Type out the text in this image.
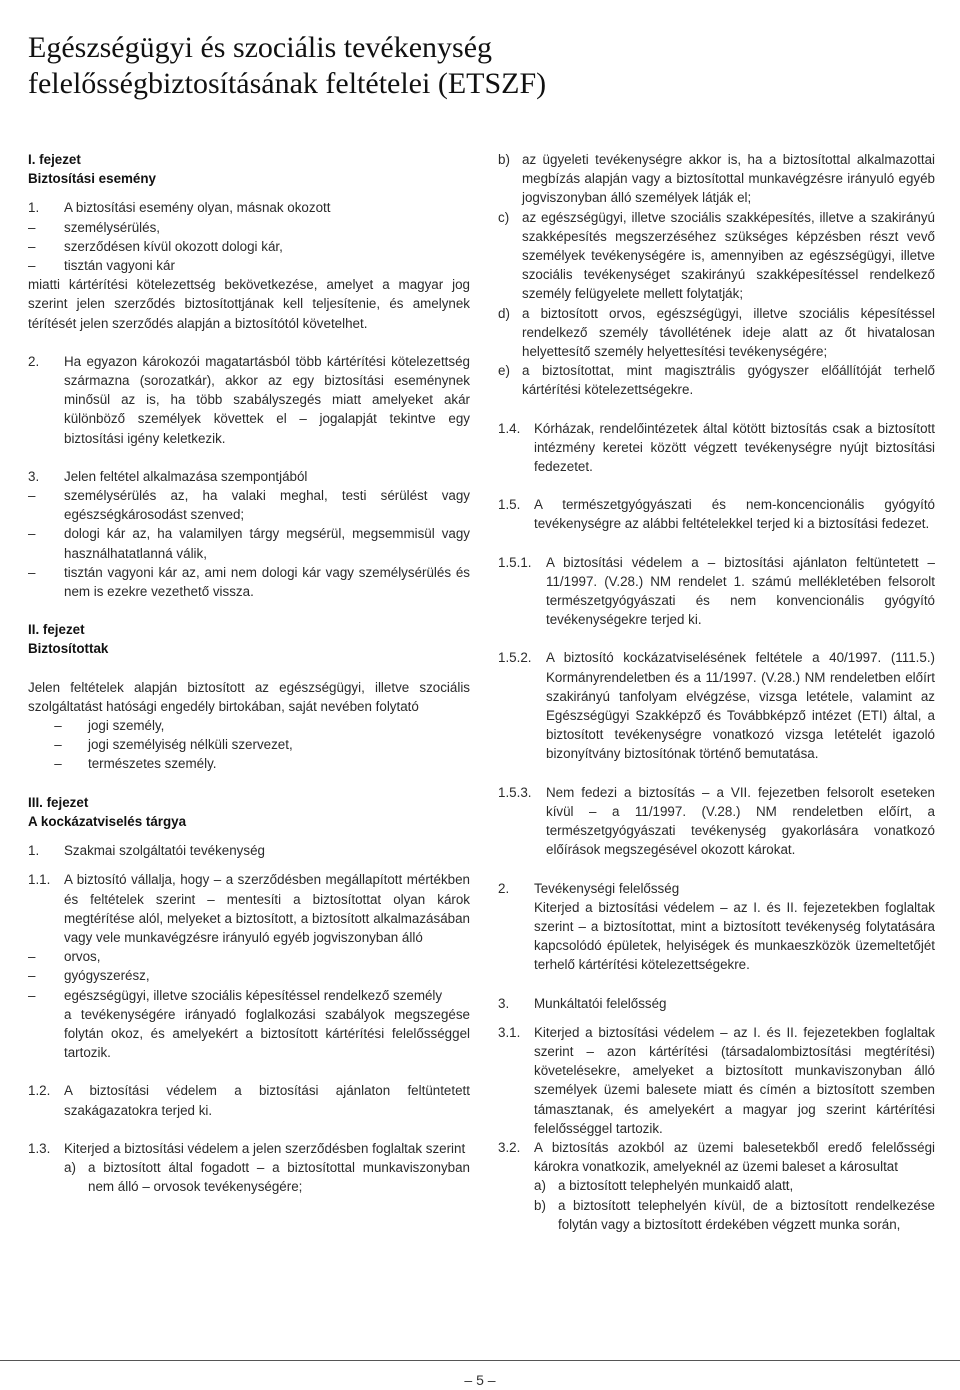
Egészségügyi és szociális tevékenység
felelősségbiztosításának feltételei (ETSZF)
I. fejezet
Biztosítási esemény
1.	A biztosítási esemény olyan, másnak okozott
–
személysérülés,
–
szerződésen kívül okozott dologi kár,
–
tisztán vagyoni kár
miatti kártérítési kötelezettség bekövetkezése, amelyet a magyar jog szerint jelen szerződés biztosítottjának kell teljesítenie, és amelynek térítését jelen szerződés alapján a biztosítótól követelhet.
2.	Ha egyazon károkozói magatartásból több kártérítési kötelezettség származna (sorozatkár), akkor az egy biztosítási eseménynek minősül az is, ha több szabályszegés miatt amelyeket akár különböző személyek követtek el – jogalapját tekintve egy biztosítási igény keletkezik.
3.	Jelen feltétel alkalmazása szempontjából
–
személysérülés az, ha valaki meghal, testi sérülést vagy egészségkárosodást szenved;
–
dologi kár az, ha valamilyen tárgy megsérül, megsemmisül vagy használhatatlanná válik,
–
tisztán vagyoni kár az, ami nem dologi kár vagy személysérülés és nem is ezekre vezethető vissza.
II. fejezet
Biztosítottak
Jelen feltételek alapján biztosított az egészségügyi, illetve szociális szolgáltatást hatósági engedély birtokában, saját nevében folytató
–
jogi személy,
–
jogi személyiség nélküli szervezet,
–
természetes személy.
III. fejezet
A kockázatviselés tárgya
1.	Szakmai szolgáltatói tevékenység
1.1.	A biztosító vállalja, hogy – a szerződésben megállapított mértékben és feltételek szerint – mentesíti a biztosítottat olyan károk megtérítése alól, melyeket a biztosított, a biztosított alkalmazásában vagy vele munkavégzésre irányuló egyéb jogviszonyban álló
–
orvos,
–
gyógyszerész,
–
egészségügyi, illetve szociális képesítéssel rendelkező személy
a tevékenységére irányadó foglalkozási szabályok megszegése folytán okoz, és amelyekért a biztosított kártérítési felelősséggel tartozik.
1.2.	A biztosítási védelem a biztosítási ajánlaton feltüntetett szakágazatokra terjed ki.
1.3.	Kiterjed a biztosítási védelem a jelen szerződésben foglaltak szerint
a) a biztosított által fogadott – a biztosítottal munkaviszonyban nem álló – orvosok tevékenységére;
b) az ügyeleti tevékenységre akkor is, ha a biztosítottal alkalmazottai megbízás alapján vagy a biztosítottal munkavégzésre irányuló egyéb jogviszonyban álló személyek látják el;
c) az egészségügyi, illetve szociális szakképesítés, illetve a szakirányú szakképesítés megszerzéséhez szükséges képzésben részt vevő személyek tevékenységére is, amennyiben az egészségügyi, illetve szociális tevékenységet szakirányú szakképesítéssel rendelkező személy felügyelete mellett folytatják;
d) a biztosított orvos, egészségügyi, illetve szociális képesítéssel rendelkező személy távollétének ideje alatt az őt hivatalosan helyettesítő személy helyettesítési tevékenységére;
e) a biztosítottat, mint magisztrális gyógyszer előállítóját terhelő kártérítési kötelezettségekre.
1.4.	Kórházak, rendelőintézetek által kötött biztosítás csak a biztosított intézmény keretei között végzett tevékenységre nyújt biztosítási fedezetet.
1.5.	A természetgyógyászati és nem-koncencionális gyógyító tevékenységre az alábbi feltételekkel terjed ki a biztosítási fedezet.
1.5.1.	A biztosítási védelem a – biztosítási ajánlaton feltüntetett – 11/1997. (V.28.) NM rendelet 1. számú mellékletében felsorolt természetgyógyászati és nem konvencionális gyógyító tevékenységekre terjed ki.
1.5.2.	A biztosító kockázatviselésének feltétele a 40/1997. (111.5.) Kormányrendeletben és a 11/1997. (V.28.) NM rendeletben előírt szakirányú tanfolyam elvégzése, vizsga letétele, valamint az Egészségügyi Szakképző és Továbbképző intézet (ETI) által, a biztosított tevékenységre vonatkozó vizsga letételét igazoló bizonyítvány biztosítónak történő bemutatása.
1.5.3.	Nem fedezi a biztosítás – a VII. fejezetben felsorolt eseteken kívül – a 11/1997. (V.28.) NM rendeletben előírt, a természetgyógyászati tevékenység gyakorlására vonatkozó előírások megszegésével okozott károkat.
2.	Tevékenységi felelősség
Kiterjed a biztosítási védelem – az I. és II. fejezetekben foglaltak szerint – a biztosítottat, mint a biztosított tevékenység folytatására kapcsolódó épületek, helyiségek és munkaeszközök üzemeltetőjét terhelő kártérítési kötelezettségekre.
3.	Munkáltatói felelősség
3.1.	Kiterjed a biztosítási védelem – az I. és II. fejezetekben foglaltak szerint – azon kártérítési (társadalombiztosítási megtérítési) követelésekre, amelyeket a biztosított munkaviszonyban álló személyek üzemi balesete miatt és címén a biztosított szemben támasztanak, és amelyekért a magyar jog szerint kártérítési felelősséggel tartozik.
3.2.	A biztosítás azokból az üzemi balesetekből eredő felelősségi károkra vonatkozik, amelyeknél az üzemi baleset a károsultat
a) a biztosított telephelyén munkaidő alatt,
b) a biztosított telephelyén kívül, de a biztosított rendelkezése folytán vagy a biztosított érdekében végzett munka során,
– 5 –
